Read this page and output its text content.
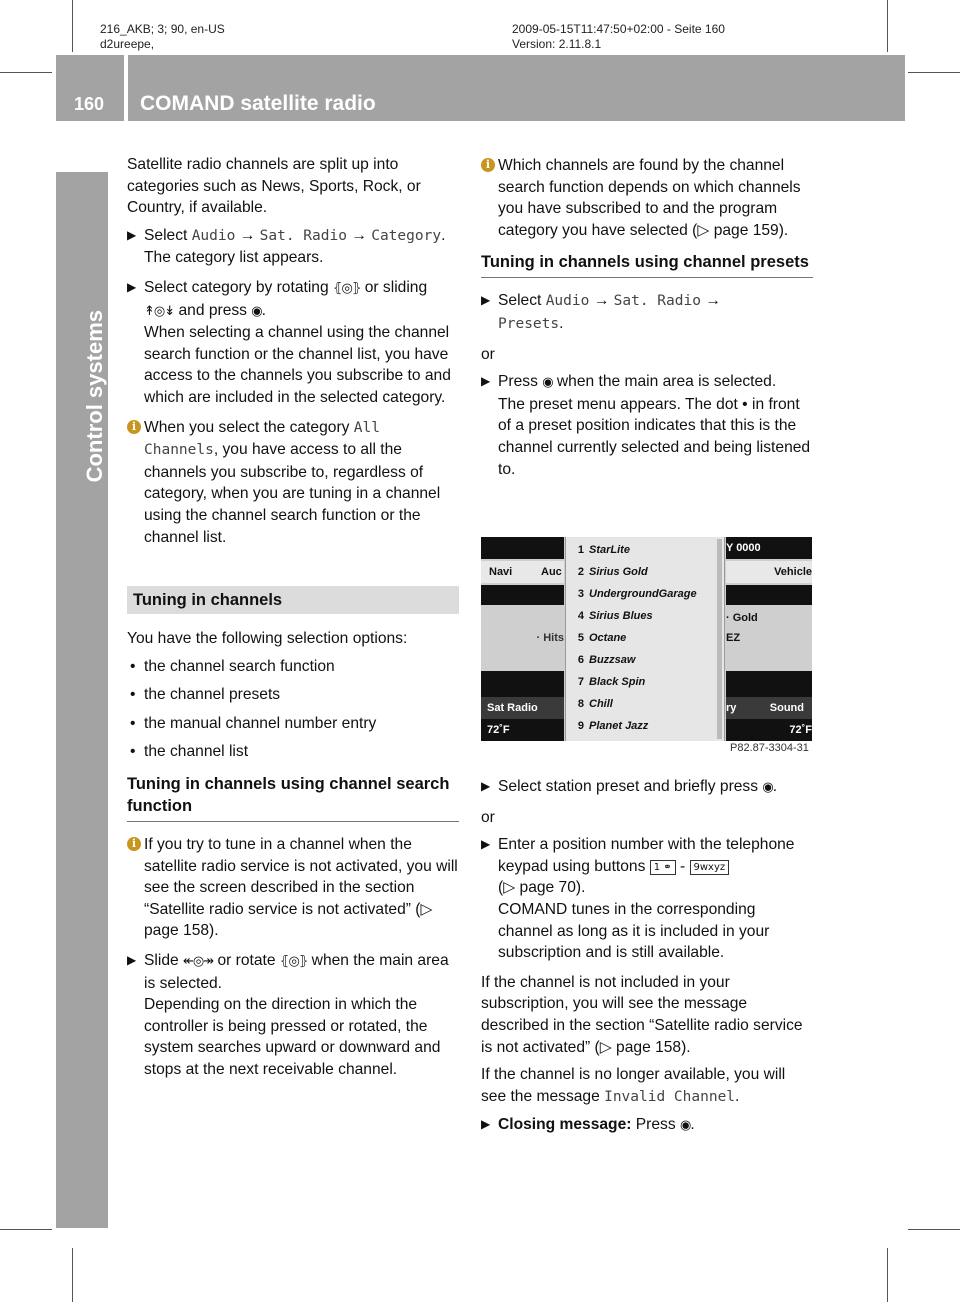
216_AKB; 3; 90, en-US
d2ureepe,
2009-05-15T11:47:50+02:00 - Seite 160
Version: 2.11.8.1
160	COMAND satellite radio
Control systems

Satellite radio channels are split up into categories such as News, Sports, Rock, or Country, if available.

▶ Select Audio → Sat. Radio → Category.
The category list appears.
▶ Select category by rotating ⦃◎⦄ or sliding ↟◎↡ and press ◉.
When selecting a channel using the channel search function or the channel list, you have access to the channels you subscribe to and which are included in the selected category.
i When you select the category All Channels, you have access to all the channels you subscribe to, regardless of category, when you are tuning in a channel using the channel search function or the channel list.
Tuning in channels

You have the following selection options:

• the channel search function
• the channel presets
• the manual channel number entry
• the channel list
Tuning in channels using channel search function
i If you try to tune in a channel when the satellite radio service is not activated, you will see the screen described in the section “Satellite radio service is not activated” (▷ page 158).
▶ Slide ↞◎↠ or rotate ⦃◎⦄ when the main area is selected.
Depending on the direction in which the controller is being pressed or rotated, the system searches upward or downward and stops at the next receivable channel.
i Which channels are found by the channel search function depends on which channels you have subscribed to and the program category you have selected (▷ page 159).
Tuning in channels using channel presets
▶ Select Audio → Sat. Radio →
Presets.

or

▶ Press ◉ when the main area is selected.
The preset menu appears. The dot • in front of a preset position indicates that this is the channel currently selected and being listened to.
Navi	Auc
· Hits
Sat Radio
72˚F
Y 0000
Vehicle
· Gold
EZ
ry	Sound
72˚F
1 StarLite
2 Sirius Gold
3 UndergroundGarage
4 Sirius Blues
5 Octane
6 Buzzsaw
7 Black Spin
8 Chill
9 Planet Jazz
•
P82.87-3304-31
▶ Select station preset and briefly press ◉.

or

▶ Enter a position number with the telephone keypad using buttons 1 ⚭ - 9wxyz
(▷ page 70).
COMAND tunes in the corresponding channel as long as it is included in your subscription and is still available.

If the channel is not included in your subscription, you will see the message described in the section “Satellite radio service is not activated” (▷ page 158).

If the channel is no longer available, you will see the message Invalid Channel.

▶ Closing message: Press ◉.
